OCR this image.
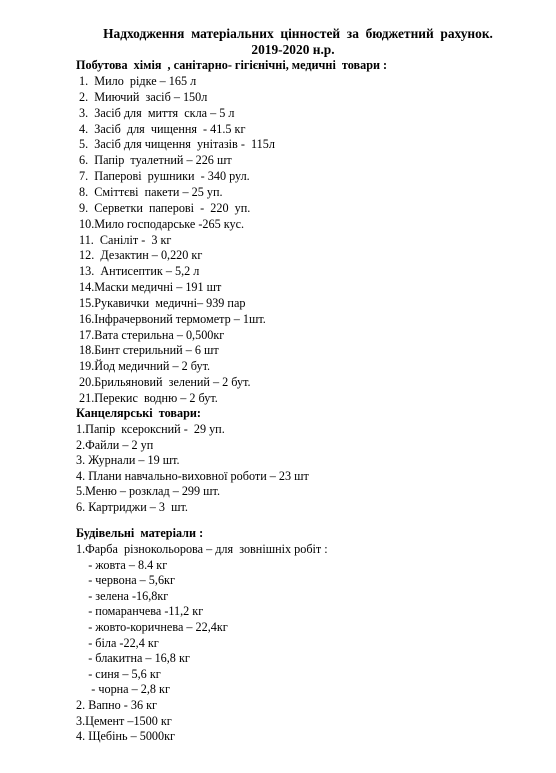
Надходження  матеріальних  цінностей  за  бюджетний  рахунок.
2019-2020 н.р.
Побутова  хімія  , санітарно- гігієнічні, медичні  товари :
1.  Мило  рідке – 165 л
2.  Миючий  засіб – 150л
3.  Засіб для  миття  скла – 5 л
4.  Засіб  для  чищення  - 41.5 кг
5.  Засіб для чищення  унітазів -  115л
6.  Папір  туалетний – 226 шт
7.  Паперові  рушники  - 340 рул.
8.  Сміттєві  пакети – 25 уп.
9.  Серветки  паперові  -  220  уп.
10.Мило господарське -265 кус.
11.  Саніліт -  3 кг
12.  Дезактин – 0,220 кг
13.  Антисептик – 5,2 л
14.Маски медичні – 191 шт
15.Рукавички  медичні– 939 пар
16.Інфрачервоний термометр – 1шт.
17.Вата стерильна – 0,500кг
18.Бинт стерильний – 6 шт
19.Йод медичний – 2 бут.
20.Брильяновий  зелений – 2 бут.
21.Перекис  водню – 2 бут.
Канцелярські  товари:
1.Папір  ксероксний -  29 уп.
2.Файли – 2 уп
3. Журнали – 19 шт.
4. Плани навчально-виховної роботи – 23 шт
5.Меню – розклад – 299 шт.
6. Картриджи – 3  шт.
Будівельні  матеріали :
1.Фарба  різнокольорова – для  зовнішніх робіт :
- жовта – 8.4 кг
- червона – 5,6кг
- зелена -16,8кг
- помаранчева -11,2 кг
- жовто-коричнева – 22,4кг
- біла -22,4 кг
- блакитна – 16,8 кг
- синя – 5,6 кг
- чорна – 2,8 кг
2. Вапно - 36 кг
3.Цемент –1500 кг
4. Щебінь – 5000кг
